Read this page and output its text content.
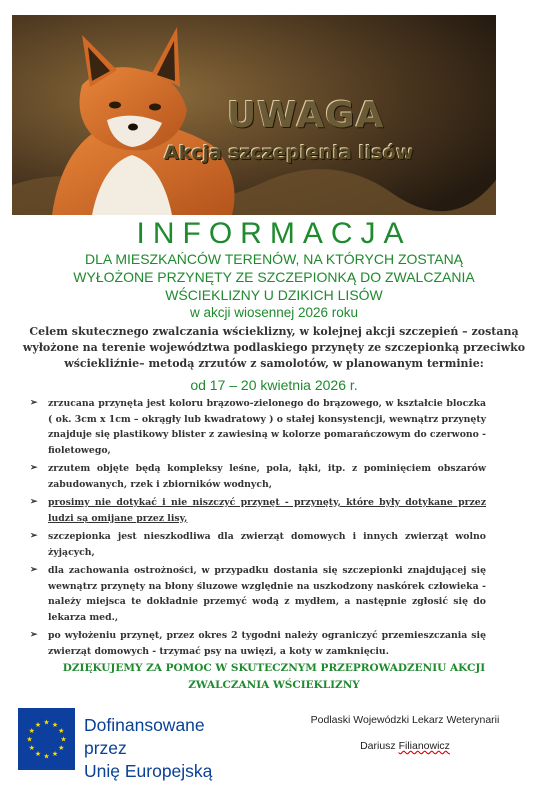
UWAGA
Akcja szczepienia lisów
INFORMACJA
DLA MIESZKAŃCÓW TERENÓW, NA KTÓRYCH ZOSTANĄ
WYŁOŻONE PRZYNĘTY ZE SZCZEPIONKĄ DO ZWALCZANIA
WŚCIEKLIZNY U DZIKICH LISÓW
w akcji wiosennej 2026 roku
Celem skutecznego zwalczania wścieklizny, w kolejnej akcji szczepień – zostaną wyłożone na terenie województwa podlaskiego przynęty ze szczepionką przeciwko wściekliźnie– metodą zrzutów z samolotów, w planowanym terminie:
od 17 – 20 kwietnia 2026 r.
➢ zrzucana przynęta jest koloru brązowo-zielonego do brązowego, w kształcie bloczka ( ok. 3cm x 1cm – okrągły lub kwadratowy ) o stałej konsystencji, wewnątrz przynęty znajduje się plastikowy blister z zawiesiną w kolorze pomarańczowym do czerwono - fioletowego,
➢ zrzutem objęte będą kompleksy leśne, pola, łąki, itp. z pominięciem obszarów zabudowanych, rzek i zbiorników wodnych,
➢ prosimy nie dotykać i nie niszczyć przynęt - przynęty, które były dotykane przez ludzi są omijane przez lisy,
➢ szczepionka jest nieszkodliwa dla zwierząt domowych i innych zwierząt wolno żyjących,
➢ dla zachowania ostrożności, w przypadku dostania się szczepionki znajdującej się wewnątrz przynęty na błony śluzowe względnie na uszkodzony naskórek człowieka - należy miejsca te dokładnie przemyć wodą z mydłem, a następnie zgłosić się do lekarza med.,
➢ po wyłożeniu przynęt, przez okres 2 tygodni należy ograniczyć przemieszczania się zwierząt domowych - trzymać psy na uwięzi, a koty w zamknięciu.
DZIĘKUJEMY ZA POMOC W SKUTECZNYM PRZEPROWADZENIU AKCJI ZWALCZANIA WŚCIEKLIZNY
★ ★
★
★
★
★
★
★
★
★
★
★ Dofinansowane przez
Unię Europejską
Podlaski Wojewódzki Lekarz Weterynarii
Dariusz Filianowicz
